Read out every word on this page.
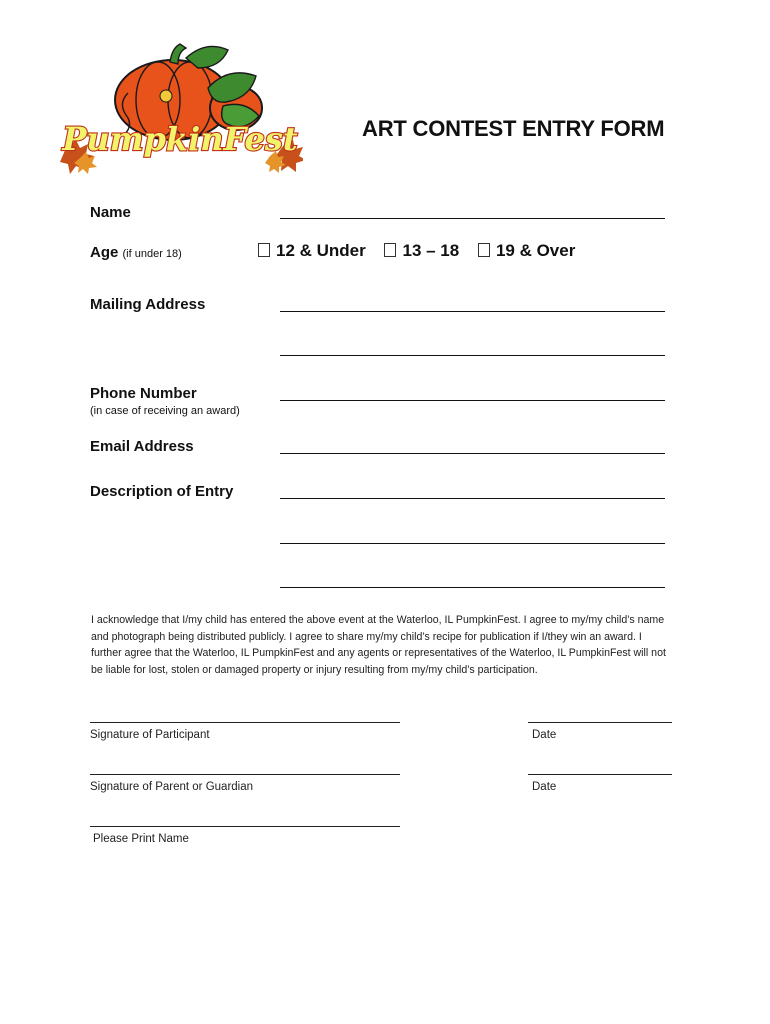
PumpkinFest	ART CONTEST ENTRY FORM
Name
Age (if under 18)	12 & Under 13 – 18 19 & Over
Mailing Address
Phone Number
(in case of receiving an award)
Email Address
Description of Entry
I acknowledge that I/my child has entered the above event at the Waterloo, IL PumpkinFest. I agree to my/my child’s name and photograph being distributed publicly. I agree to share my/my child’s recipe for publication if I/they win an award. I further agree that the Waterloo, IL PumpkinFest and any agents or representatives of the Waterloo, IL PumpkinFest will not be liable for lost, stolen or damaged property or injury resulting from my/my child’s participation.
Signature of Participant	Date
Signature of Parent or Guardian	Date
Please Print Name
